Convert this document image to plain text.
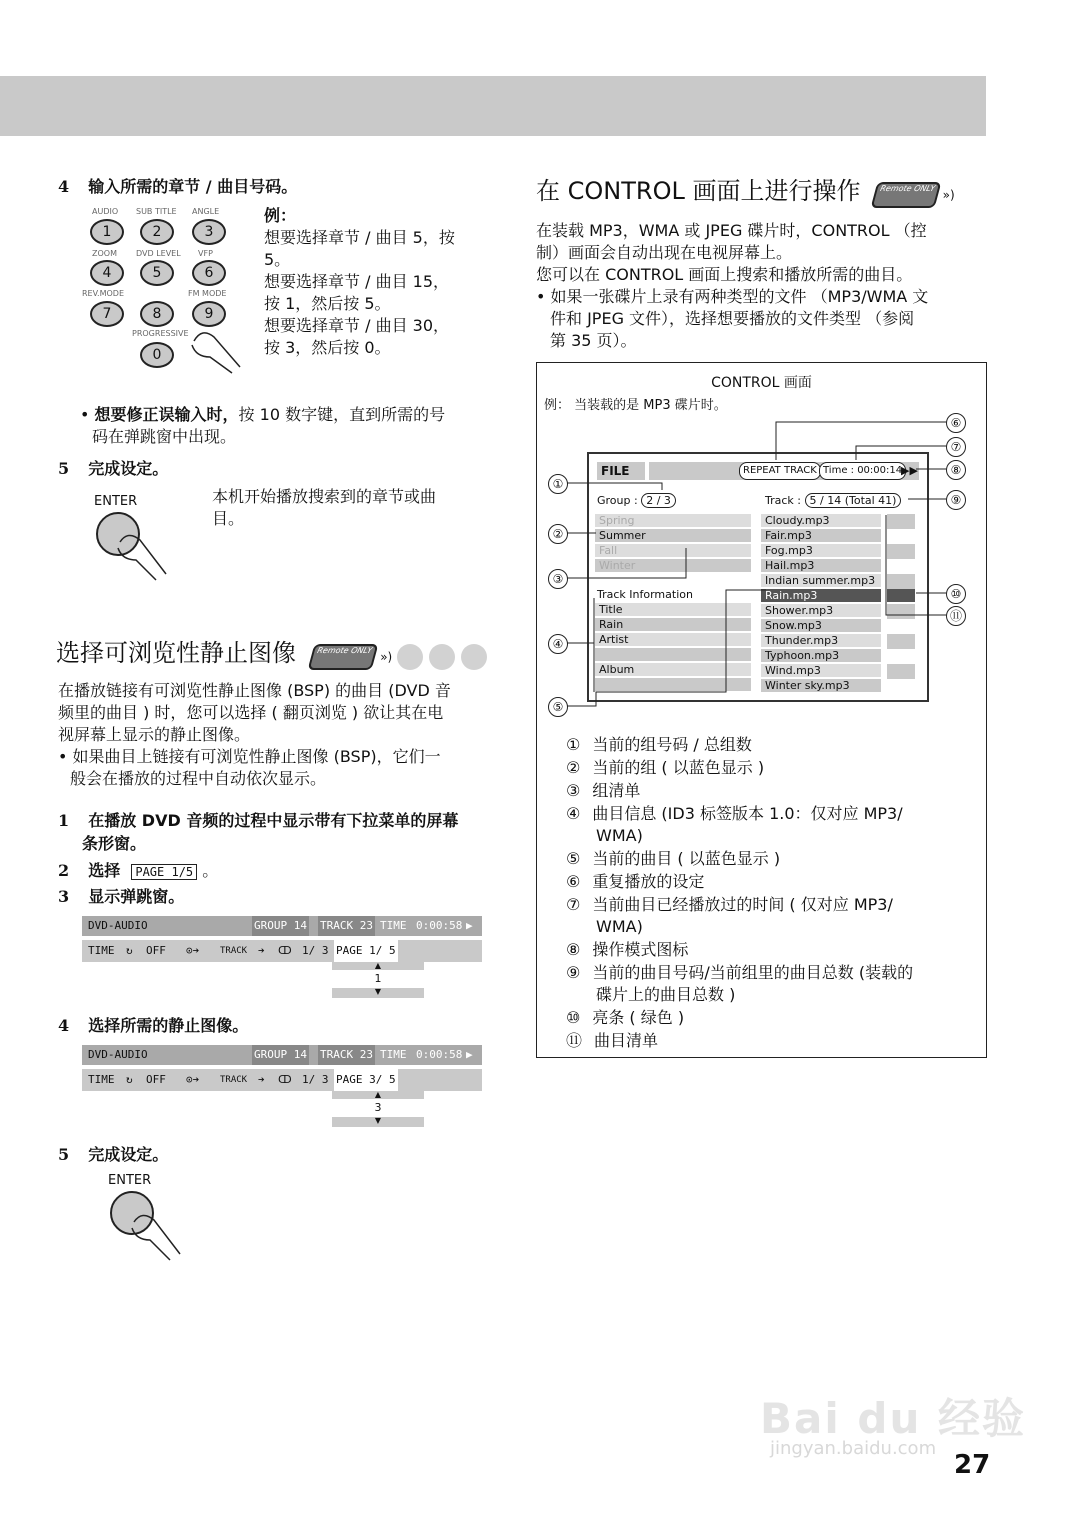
4 输入所需的章节 / 曲目号码。
AUDIO SUB TITLE ANGLE
1	2	3
ZOOM DVD LEVEL VFP
4	5	6
REV.MODE	FM MODE
7	8	9
PROGRESSIVE
0
例：
想要选择章节 / 曲目 5，按
5。
想要选择章节 / 曲目 15，
按 1，然后按 5。
想要选择章节 / 曲目 30，
按 3，然后按 0。
• 想要修正误输入时，按 10 数字键，直到所需的号
码在弹跳窗中出现。
5 完成设定。
ENTER	本机开始播放搜索到的章节或曲
目。
选择可浏览性静止图像	Remote ONLY »)
在播放链接有可浏览性静止图像 (BSP) 的曲目 (DVD 音
频里的曲目 ) 时，您可以选择 ( 翻页浏览 ) 欲让其在电
视屏幕上显示的静止图像。
• 如果曲目上链接有可浏览性静止图像 (BSP)，它们一
般会在播放的过程中自动依次显示。
1 在播放 DVD 音频的过程中显示带有下拉菜单的屏幕
条形窗。
2 选择 PAGE 1/5 。
3 显示弹跳窗。
DVD-AUDIO	GROUP 14 TRACK 23 TIME 0:00:58 ▶
TIME ↻ OFF ⊙➔ TRACK ➔ ↀ 1/ 3 PAGE 1/ 5
▲
1
▼
4 选择所需的静止图像。
DVD-AUDIO	GROUP 14 TRACK 23 TIME 0:00:58 ▶
TIME ↻ OFF ⊙➔ TRACK ➔ ↀ 1/ 3 PAGE 3/ 5
▲
3
▼
5 完成设定。
ENTER
在 CONTROL 画面上进行操作 Remote ONLY »)
在装载 MP3，WMA 或 JPEG 碟片时，CONTROL （控
制）画面会自动出现在电视屏幕上。
您可以在 CONTROL 画面上搜索和播放所需的曲目。
• 如果一张碟片上录有两种类型的文件 （MP3/WMA 文
件和 JPEG 文件），选择想要播放的文件类型 （参阅
第 35 页）。
CONTROL 画面
例： 当装载的是 MP3 碟片时。
FILE	REPEAT TRACK Time : 00:00:14
▶▶
Group : 2 / 3	Track : 5 / 14 (Total 41)
Spring
Summer
Fall
Winter
Track Information
Title
Rain
Artist
Album
Cloudy.mp3
Fair.mp3
Fog.mp3
Hail.mp3
Indian summer.mp3
Rain.mp3
Shower.mp3
Snow.mp3
Thunder.mp3
Typhoon.mp3
Wind.mp3
Winter sky.mp3
①
②
③
④
⑤
⑥
⑦
⑧
⑨
⑩
⑪
① 当前的组号码 / 总组数
② 当前的组 ( 以蓝色显示 )
③ 组清单
④ 曲目信息 (ID3 标签版本 1.0：仅对应 MP3/
WMA)
⑤ 当前的曲目 ( 以蓝色显示 )
⑥ 重复播放的设定
⑦ 当前曲目已经播放过的时间 ( 仅对应 MP3/
WMA)
⑧ 操作模式图标
⑨ 当前的曲目号码/当前组里的曲目总数 (装载的
碟片上的曲目总数 )
⑩ 亮条 ( 绿色 )
⑪ 曲目清单
Bai du 经验
jingyan.baidu.com
27
